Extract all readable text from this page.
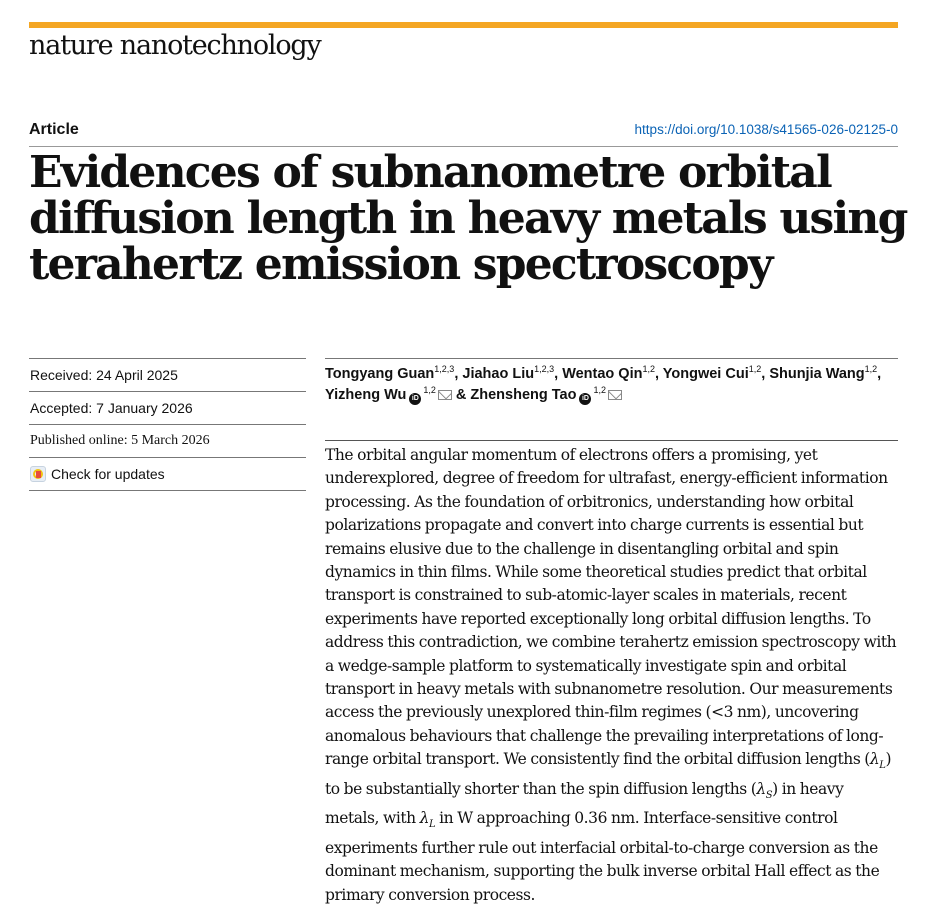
nature nanotechnology
Article	https://doi.org/10.1038/s41565-026-02125-0
Evidences of subnanometre orbital diffusion length in heavy metals using terahertz emission spectroscopy
Received: 24 April 2025
Accepted: 7 January 2026
Published online: 5 March 2026
Check for updates
Tongyang Guan$^{1,2,3}$, Jiahao Liu$^{1,2,3}$, Wentao Qin$^{1,2}$, Yongwei Cui$^{1,2}$, Shunjia Wang$^{1,2}$, Yizheng Wu iD$^{1,2}$ & Zhensheng Tao iD$^{1,2}$

The orbital angular momentum of electrons offers a promising, yet underexplored, degree of freedom for ultrafast, energy-efficient information processing. As the foundation of orbitronics, understanding how orbital polarizations propagate and convert into charge currents is essential but remains elusive due to the challenge in disentangling orbital and spin dynamics in thin films. While some theoretical studies predict that orbital transport is constrained to sub-atomic-layer scales in materials, recent experiments have reported exceptionally long orbital diffusion lengths. To address this contradiction, we combine terahertz emission spectroscopy with a wedge-sample platform to systematically investigate spin and orbital transport in heavy metals with subnanometre resolution. Our measurements access the previously unexplored thin-film regimes (<3 nm), uncovering anomalous behaviours that challenge the prevailing interpretations of long-range orbital transport. We consistently find the orbital diffusion lengths $(\lambda_L)$ to be substantially shorter than the spin diffusion lengths $(\lambda_S)$ in heavy metals, with $\lambda_L$ in W approaching 0.36 nm. Interface-sensitive control experiments further rule out interfacial orbital-to-charge conversion as the dominant mechanism, supporting the bulk inverse orbital Hall effect as the primary conversion process.
